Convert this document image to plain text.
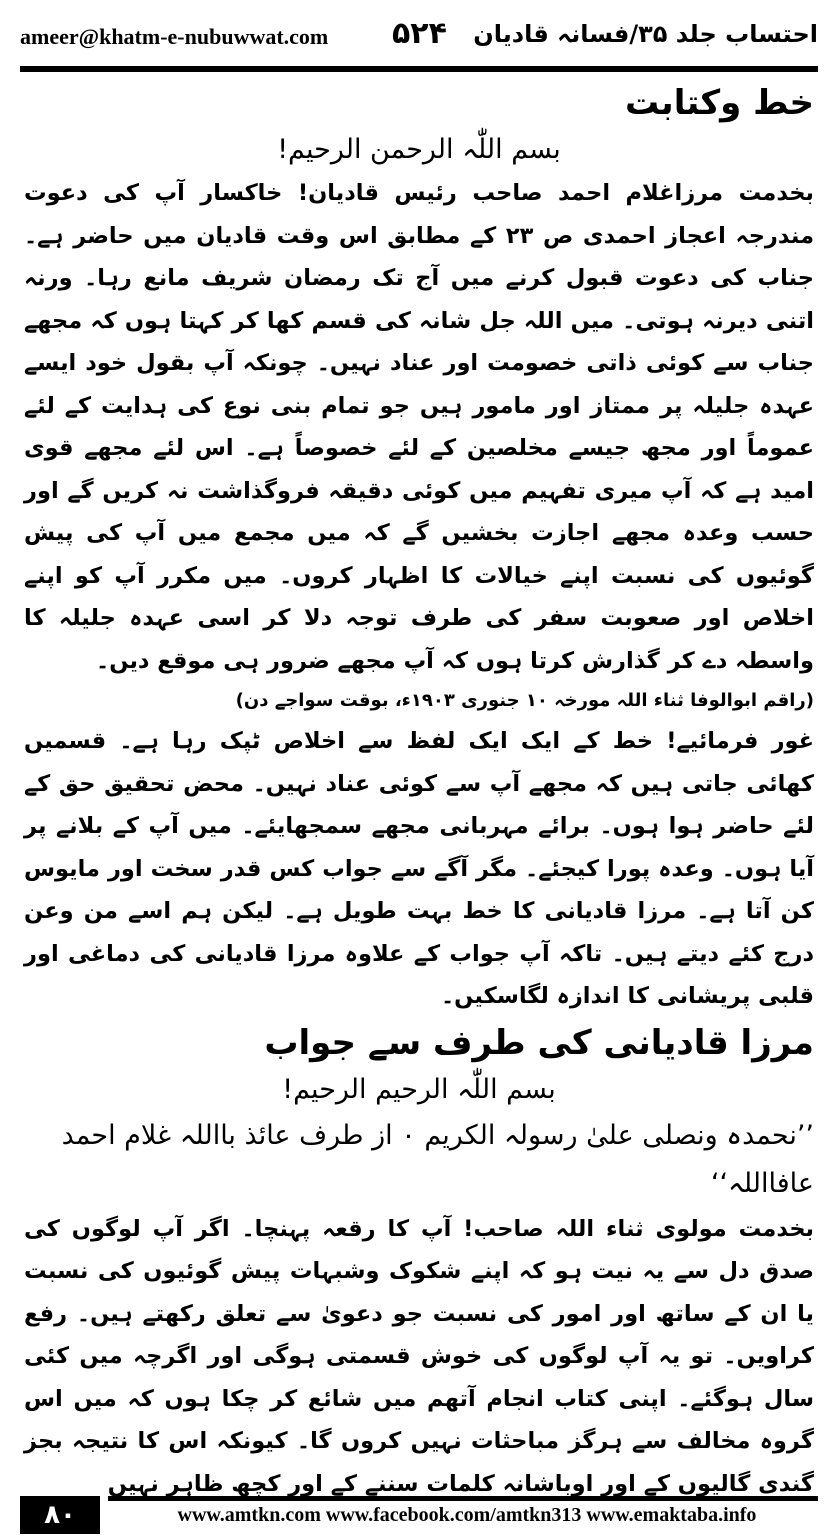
ameer@khatm-e-nubuwwat.com ۵۲۴ احتساب جلد ۳۵/فسانہ قادیان

خط وکتابت

بسم اللّٰہ الرحمن الرحیم!

بخدمت مرزاغلام احمد صاحب رئیس قادیان! خاکسار آپ کی دعوت مندرجہ اعجاز احمدی ص ۲۳ کے مطابق اس وقت قادیان میں حاضر ہے۔ جناب کی دعوت قبول کرنے میں آج تک رمضان شریف مانع رہا۔ ورنہ اتنی دیرنہ ہوتی۔ میں اللہ جل شانہ کی قسم کھا کر کہتا ہوں کہ مجھے جناب سے کوئی ذاتی خصومت اور عناد نہیں۔ چونکہ آپ بقول خود ایسے عہدہ جلیلہ پر ممتاز اور مامور ہیں جو تمام بنی نوع کی ہدایت کے لئے عموماً اور مجھ جیسے مخلصین کے لئے خصوصاً ہے۔ اس لئے مجھے قوی امید ہے کہ آپ میری تفہیم میں کوئی دقیقہ فروگذاشت نہ کریں گے اور حسب وعدہ مجھے اجازت بخشیں گے کہ میں مجمع میں آپ کی پیش گوئیوں کی نسبت اپنے خیالات کا اظہار کروں۔ میں مکرر آپ کو اپنے اخلاص اور صعوبت سفر کی طرف توجہ دلا کر اسی عہدہ جلیلہ کا واسطہ دے کر گذارش کرتا ہوں کہ آپ مجھے ضرور ہی موقع دیں۔

(راقم ابوالوفا ثناء اللہ مورخہ ۱۰ جنوری ۱۹۰۳ء، بوقت سواجے دن)

غور فرمائیے! خط کے ایک ایک لفظ سے اخلاص ٹپک رہا ہے۔ قسمیں کھائی جاتی ہیں کہ مجھے آپ سے کوئی عناد نہیں۔ محض تحقیق حق کے لئے حاضر ہوا ہوں۔ برائے مہربانی مجھے سمجھایئے۔ میں آپ کے بلانے پر آیا ہوں۔ وعدہ پورا کیجئے۔ مگر آگے سے جواب کس قدر سخت اور مایوس کن آتا ہے۔ مرزا قادیانی کا خط بہت طویل ہے۔ لیکن ہم اسے من وعن درج کئے دیتے ہیں۔ تاکہ آپ جواب کے علاوہ مرزا قادیانی کی دماغی اور قلبی پریشانی کا اندازہ لگاسکیں۔

مرزا قادیانی کی طرف سے جواب

بسم اللّٰہ الرحیم الرحیم!

’’نحمدہ ونصلی علیٰ رسولہ الکریم ۰ از طرف عائذ بااللہ غلام احمد عافااللہ‘‘

بخدمت مولوی ثناء اللہ صاحب! آپ کا رقعہ پہنچا۔ اگر آپ لوگوں کی صدق دل سے یہ نیت ہو کہ اپنے شکوک وشبہات پیش گوئیوں کی نسبت یا ان کے ساتھ اور امور کی نسبت جو دعویٰ سے تعلق رکھتے ہیں۔ رفع کراویں۔ تو یہ آپ لوگوں کی خوش قسمتی ہوگی اور اگرچہ میں کئی سال ہوگئے۔ اپنی کتاب انجام آتھم میں شائع کر چکا ہوں کہ میں اس گروہ مخالف سے ہرگز مباحثات نہیں کروں گا۔ کیونکہ اس کا نتیجہ بجز گندی گالیوں کے اور اوباشانہ کلمات سننے کے اور کچھ ظاہر نہیں

۸۰	www.amtkn.com www.facebook.com/amtkn313 www.emaktaba.info
